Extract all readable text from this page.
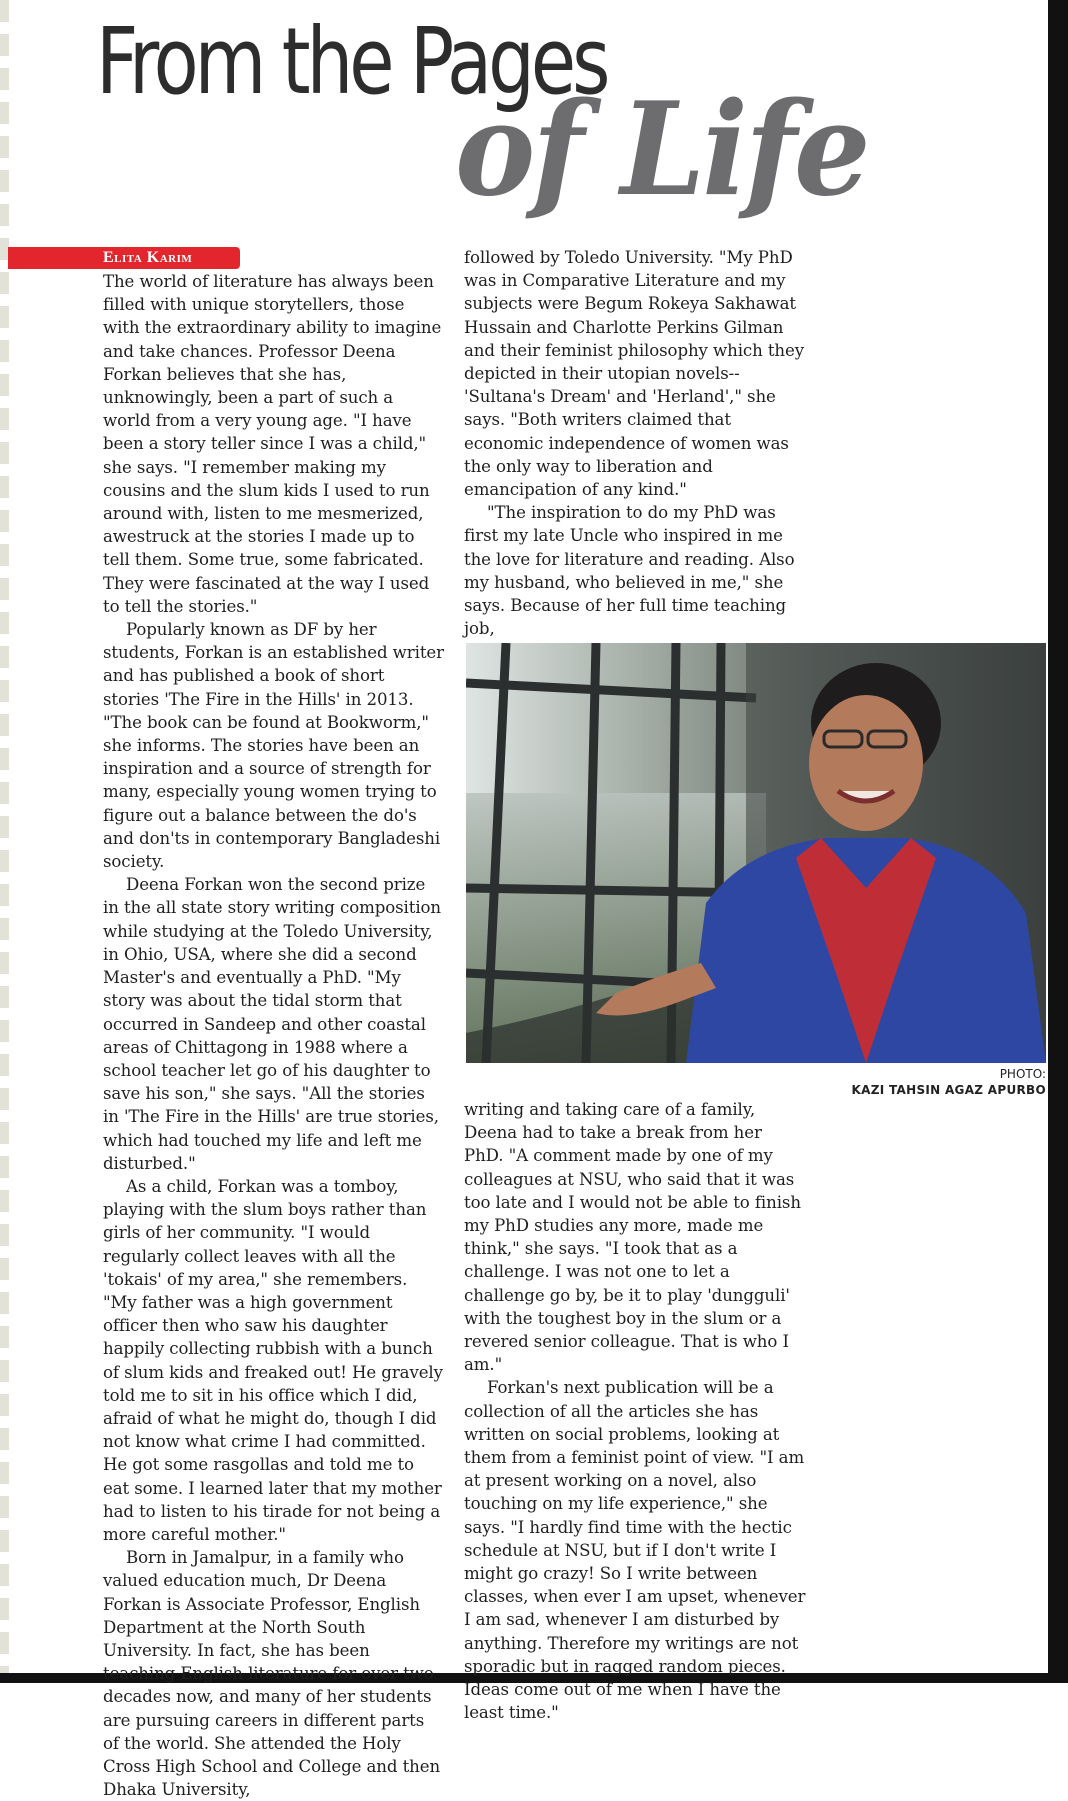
From the Pages
of Life
Elita Karim

The world of literature has always been filled with unique storytellers, those with the extraordinary ability to imagine and take chances. Professor Deena Forkan believes that she has, unknowingly, been a part of such a world from a very young age. "I have been a story teller since I was a child," she says. "I remember making my cousins and the slum kids I used to run around with, listen to me mesmerized, awestruck at the stories I made up to tell them. Some true, some fabricated. They were fascinated at the way I used to tell the stories."

Popularly known as DF by her students, Forkan is an established writer and has published a book of short stories 'The Fire in the Hills' in 2013. "The book can be found at Bookworm," she informs. The stories have been an inspiration and a source of strength for many, especially young women trying to figure out a balance between the do's and don'ts in contemporary Bangladeshi society.

Deena Forkan won the second prize in the all state story writing composition while studying at the Toledo University, in Ohio, USA, where she did a second Master's and eventually a PhD. "My story was about the tidal storm that occurred in Sandeep and other coastal areas of Chittagong in 1988 where a school teacher let go of his daughter to save his son," she says. "All the stories in 'The Fire in the Hills' are true stories, which had touched my life and left me disturbed."

As a child, Forkan was a tomboy, playing with the slum boys rather than girls of her community. "I would regularly collect leaves with all the 'tokais' of my area," she remembers. "My father was a high government officer then who saw his daughter happily collecting rubbish with a bunch of slum kids and freaked out! He gravely told me to sit in his office which I did, afraid of what he might do, though I did not know what crime I had committed. He got some rasgollas and told me to eat some. I learned later that my mother had to listen to his tirade for not being a more careful mother."

Born in Jamalpur, in a family who valued education much, Dr Deena Forkan is Associate Professor, English Department at the North South University. In fact, she has been teaching English literature for over two decades now, and many of her students are pursuing careers in different parts of the world. She attended the Holy Cross High School and College and then Dhaka University,

followed by Toledo University. "My PhD was in Comparative Literature and my subjects were Begum Rokeya Sakhawat Hussain and Charlotte Perkins Gilman and their feminist philosophy which they depicted in their utopian novels-- 'Sultana's Dream' and 'Herland'," she says. "Both writers claimed that economic independence of women was the only way to liberation and emancipation of any kind."

"The inspiration to do my PhD was first my late Uncle who inspired in me the love for literature and reading. Also my husband, who believed in me," she says. Because of her full time teaching job,

PHOTO:
KAZI TAHSIN AGAZ APURBO

writing and taking care of a family, Deena had to take a break from her PhD. "A comment made by one of my colleagues at NSU, who said that it was too late and I would not be able to finish my PhD studies any more, made me think," she says. "I took that as a challenge. I was not one to let a challenge go by, be it to play 'dungguli' with the toughest boy in the slum or a revered senior colleague. That is who I am."

Forkan's next publication will be a collection of all the articles she has written on social problems, looking at them from a feminist point of view. "I am at present working on a novel, also touching on my life experience," she says. "I hardly find time with the hectic schedule at NSU, but if I don't write I might go crazy! So I write between classes, when ever I am upset, whenever I am sad, whenever I am disturbed by anything. Therefore my writings are not sporadic but in ragged random pieces. Ideas come out of me when I have the least time."
